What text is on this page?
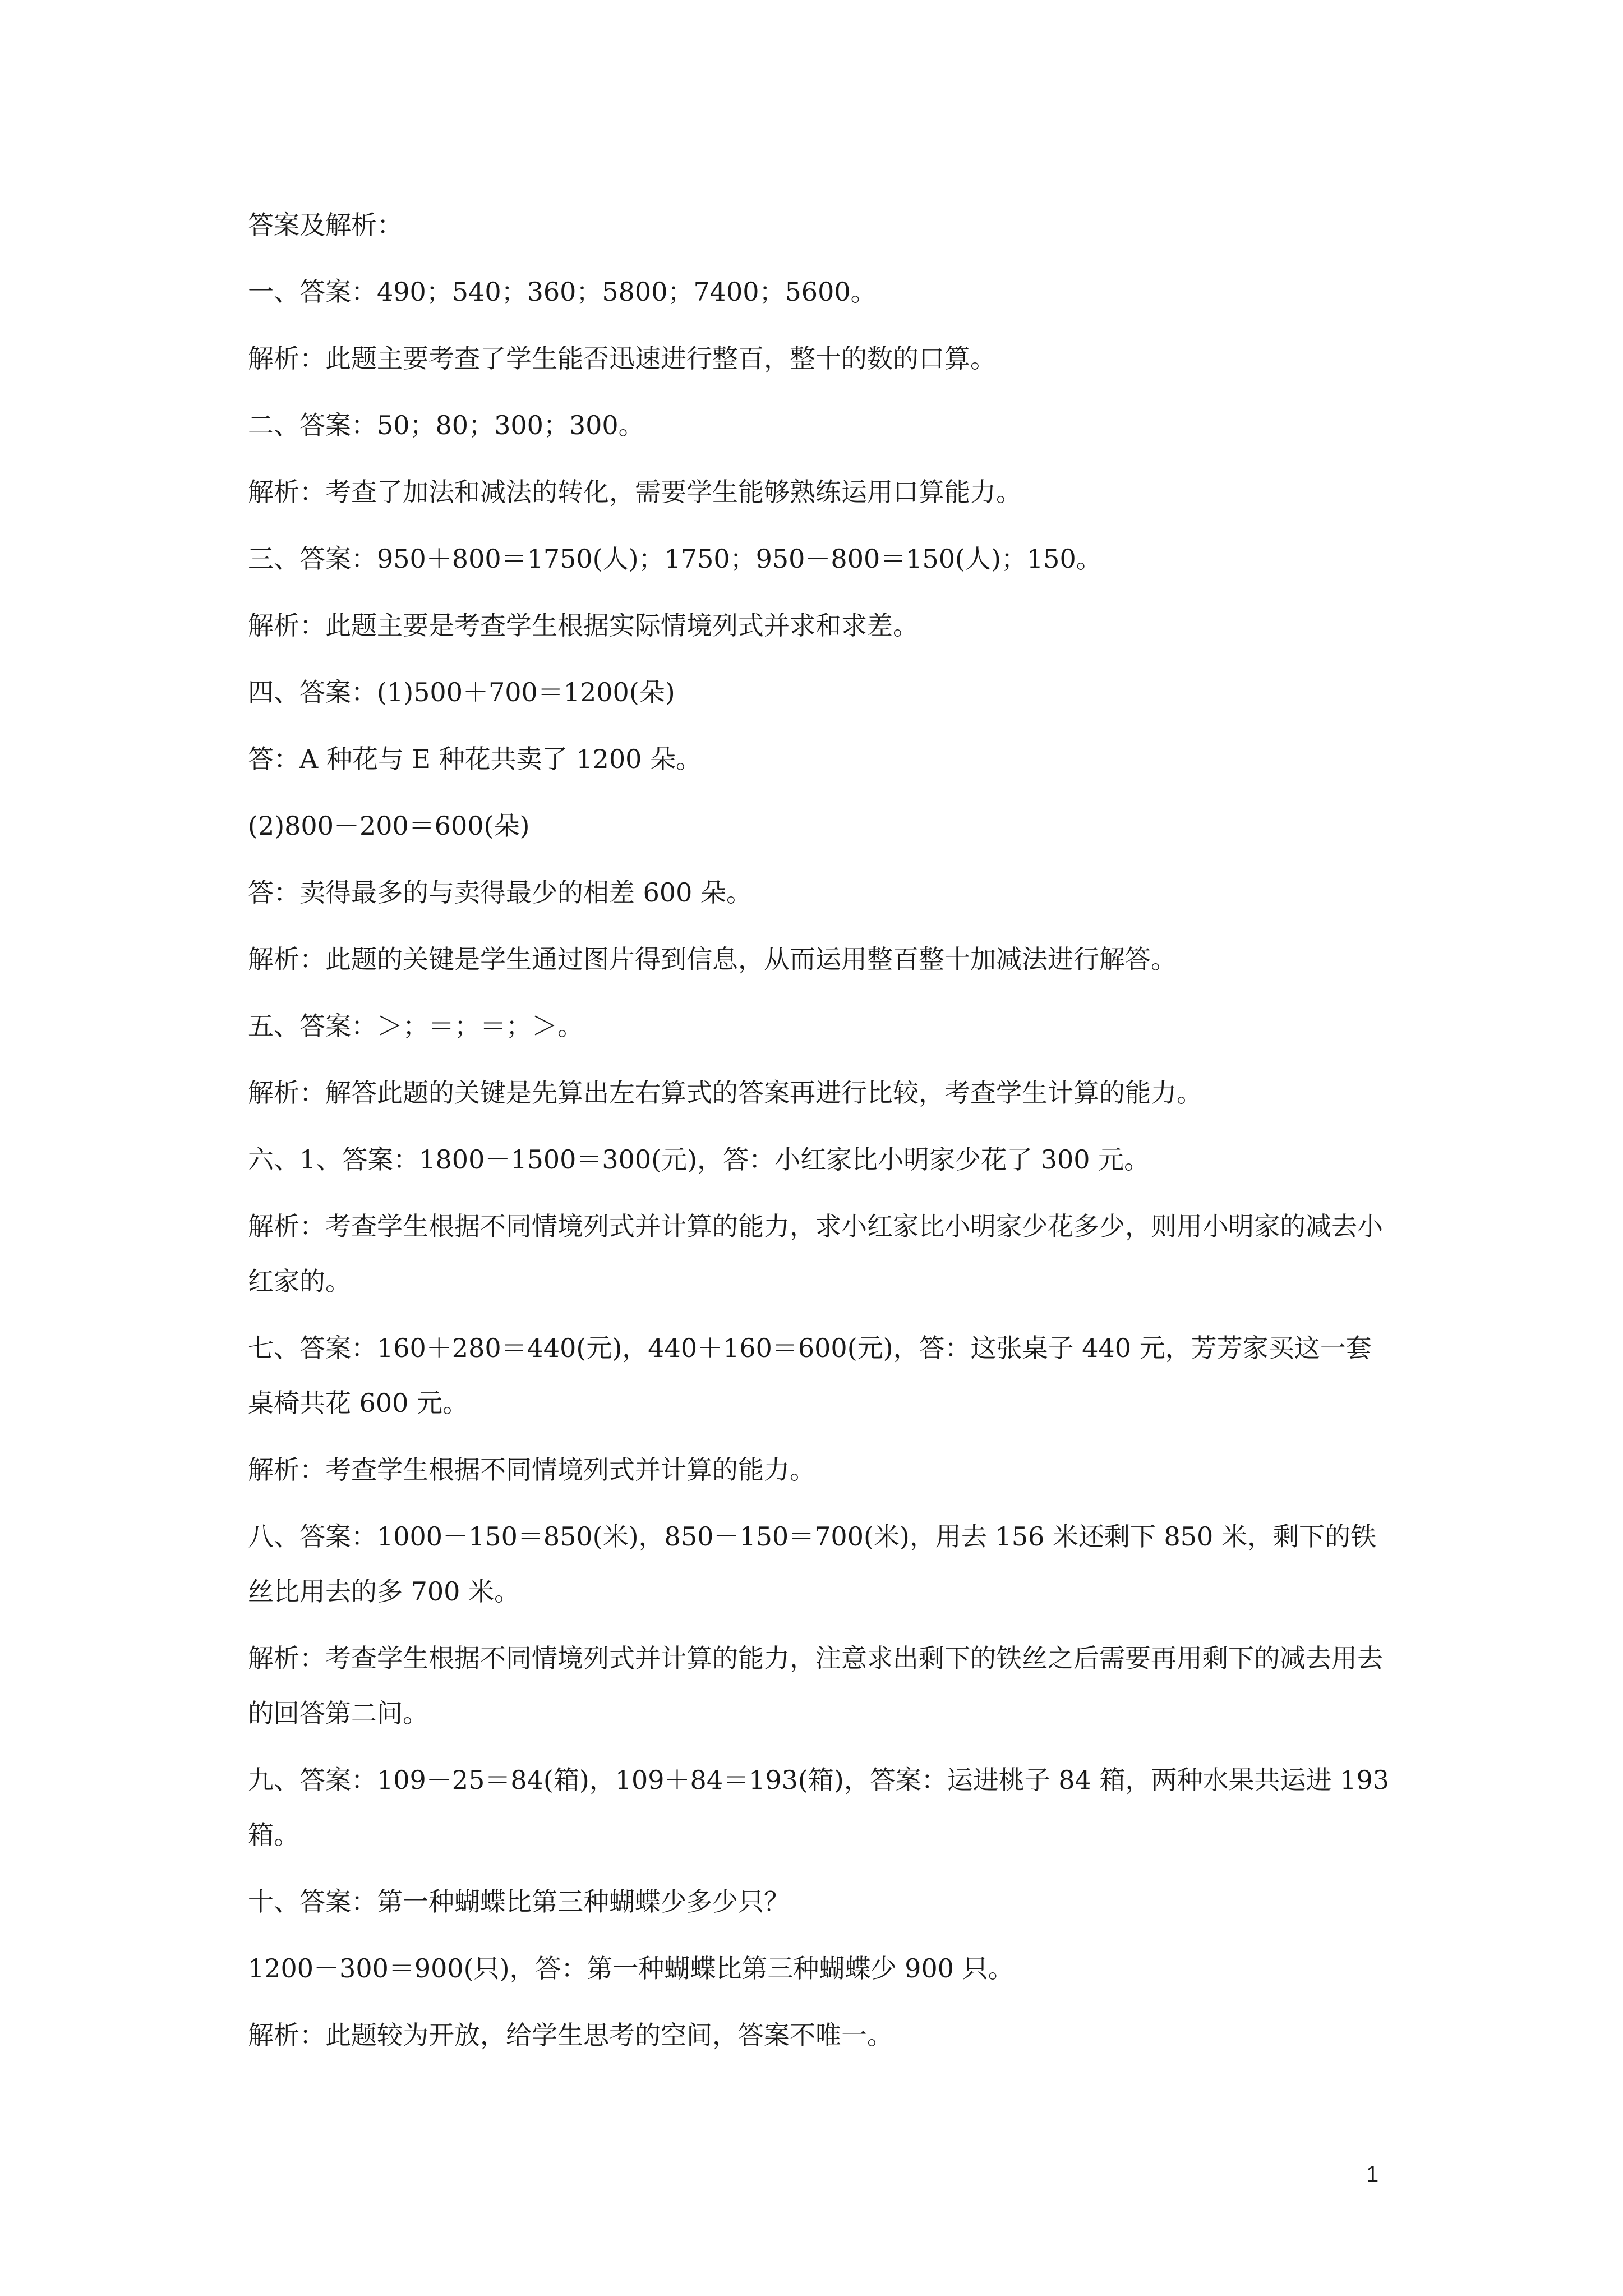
答案及解析：
一、答案：490；540；360；5800；7400；5600。
解析：此题主要考查了学生能否迅速进行整百，整十的数的口算。
二、答案：50；80；300；300。
解析：考查了加法和减法的转化，需要学生能够熟练运用口算能力。
三、答案：950＋800＝1750(人)；1750；950－800＝150(人)；150。
解析：此题主要是考查学生根据实际情境列式并求和求差。
四、答案：(1)500＋700＝1200(朵)
答：A 种花与 E 种花共卖了 1200 朵。
(2)800－200＝600(朵)
答：卖得最多的与卖得最少的相差 600 朵。
解析：此题的关键是学生通过图片得到信息，从而运用整百整十加减法进行解答。
五、答案：＞；＝；＝；＞。
解析：解答此题的关键是先算出左右算式的答案再进行比较，考查学生计算的能力。
六、1、答案：1800－1500＝300(元)，答：小红家比小明家少花了 300 元。
解析：考查学生根据不同情境列式并计算的能力，求小红家比小明家少花多少，则用小明家的减去小红家的。
七、答案：160＋280＝440(元)，440＋160＝600(元)，答：这张桌子 440 元，芳芳家买这一套桌椅共花 600 元。
解析：考查学生根据不同情境列式并计算的能力。
八、答案：1000－150＝850(米)，850－150＝700(米)，用去 156 米还剩下 850 米，剩下的铁丝比用去的多 700 米。
解析：考查学生根据不同情境列式并计算的能力，注意求出剩下的铁丝之后需要再用剩下的减去用去的回答第二问。
九、答案：109－25＝84(箱)，109＋84＝193(箱)，答案：运进桃子 84 箱，两种水果共运进 193 箱。
十、答案：第一种蝴蝶比第三种蝴蝶少多少只？
1200－300＝900(只)，答：第一种蝴蝶比第三种蝴蝶少 900 只。
解析：此题较为开放，给学生思考的空间，答案不唯一。
1
